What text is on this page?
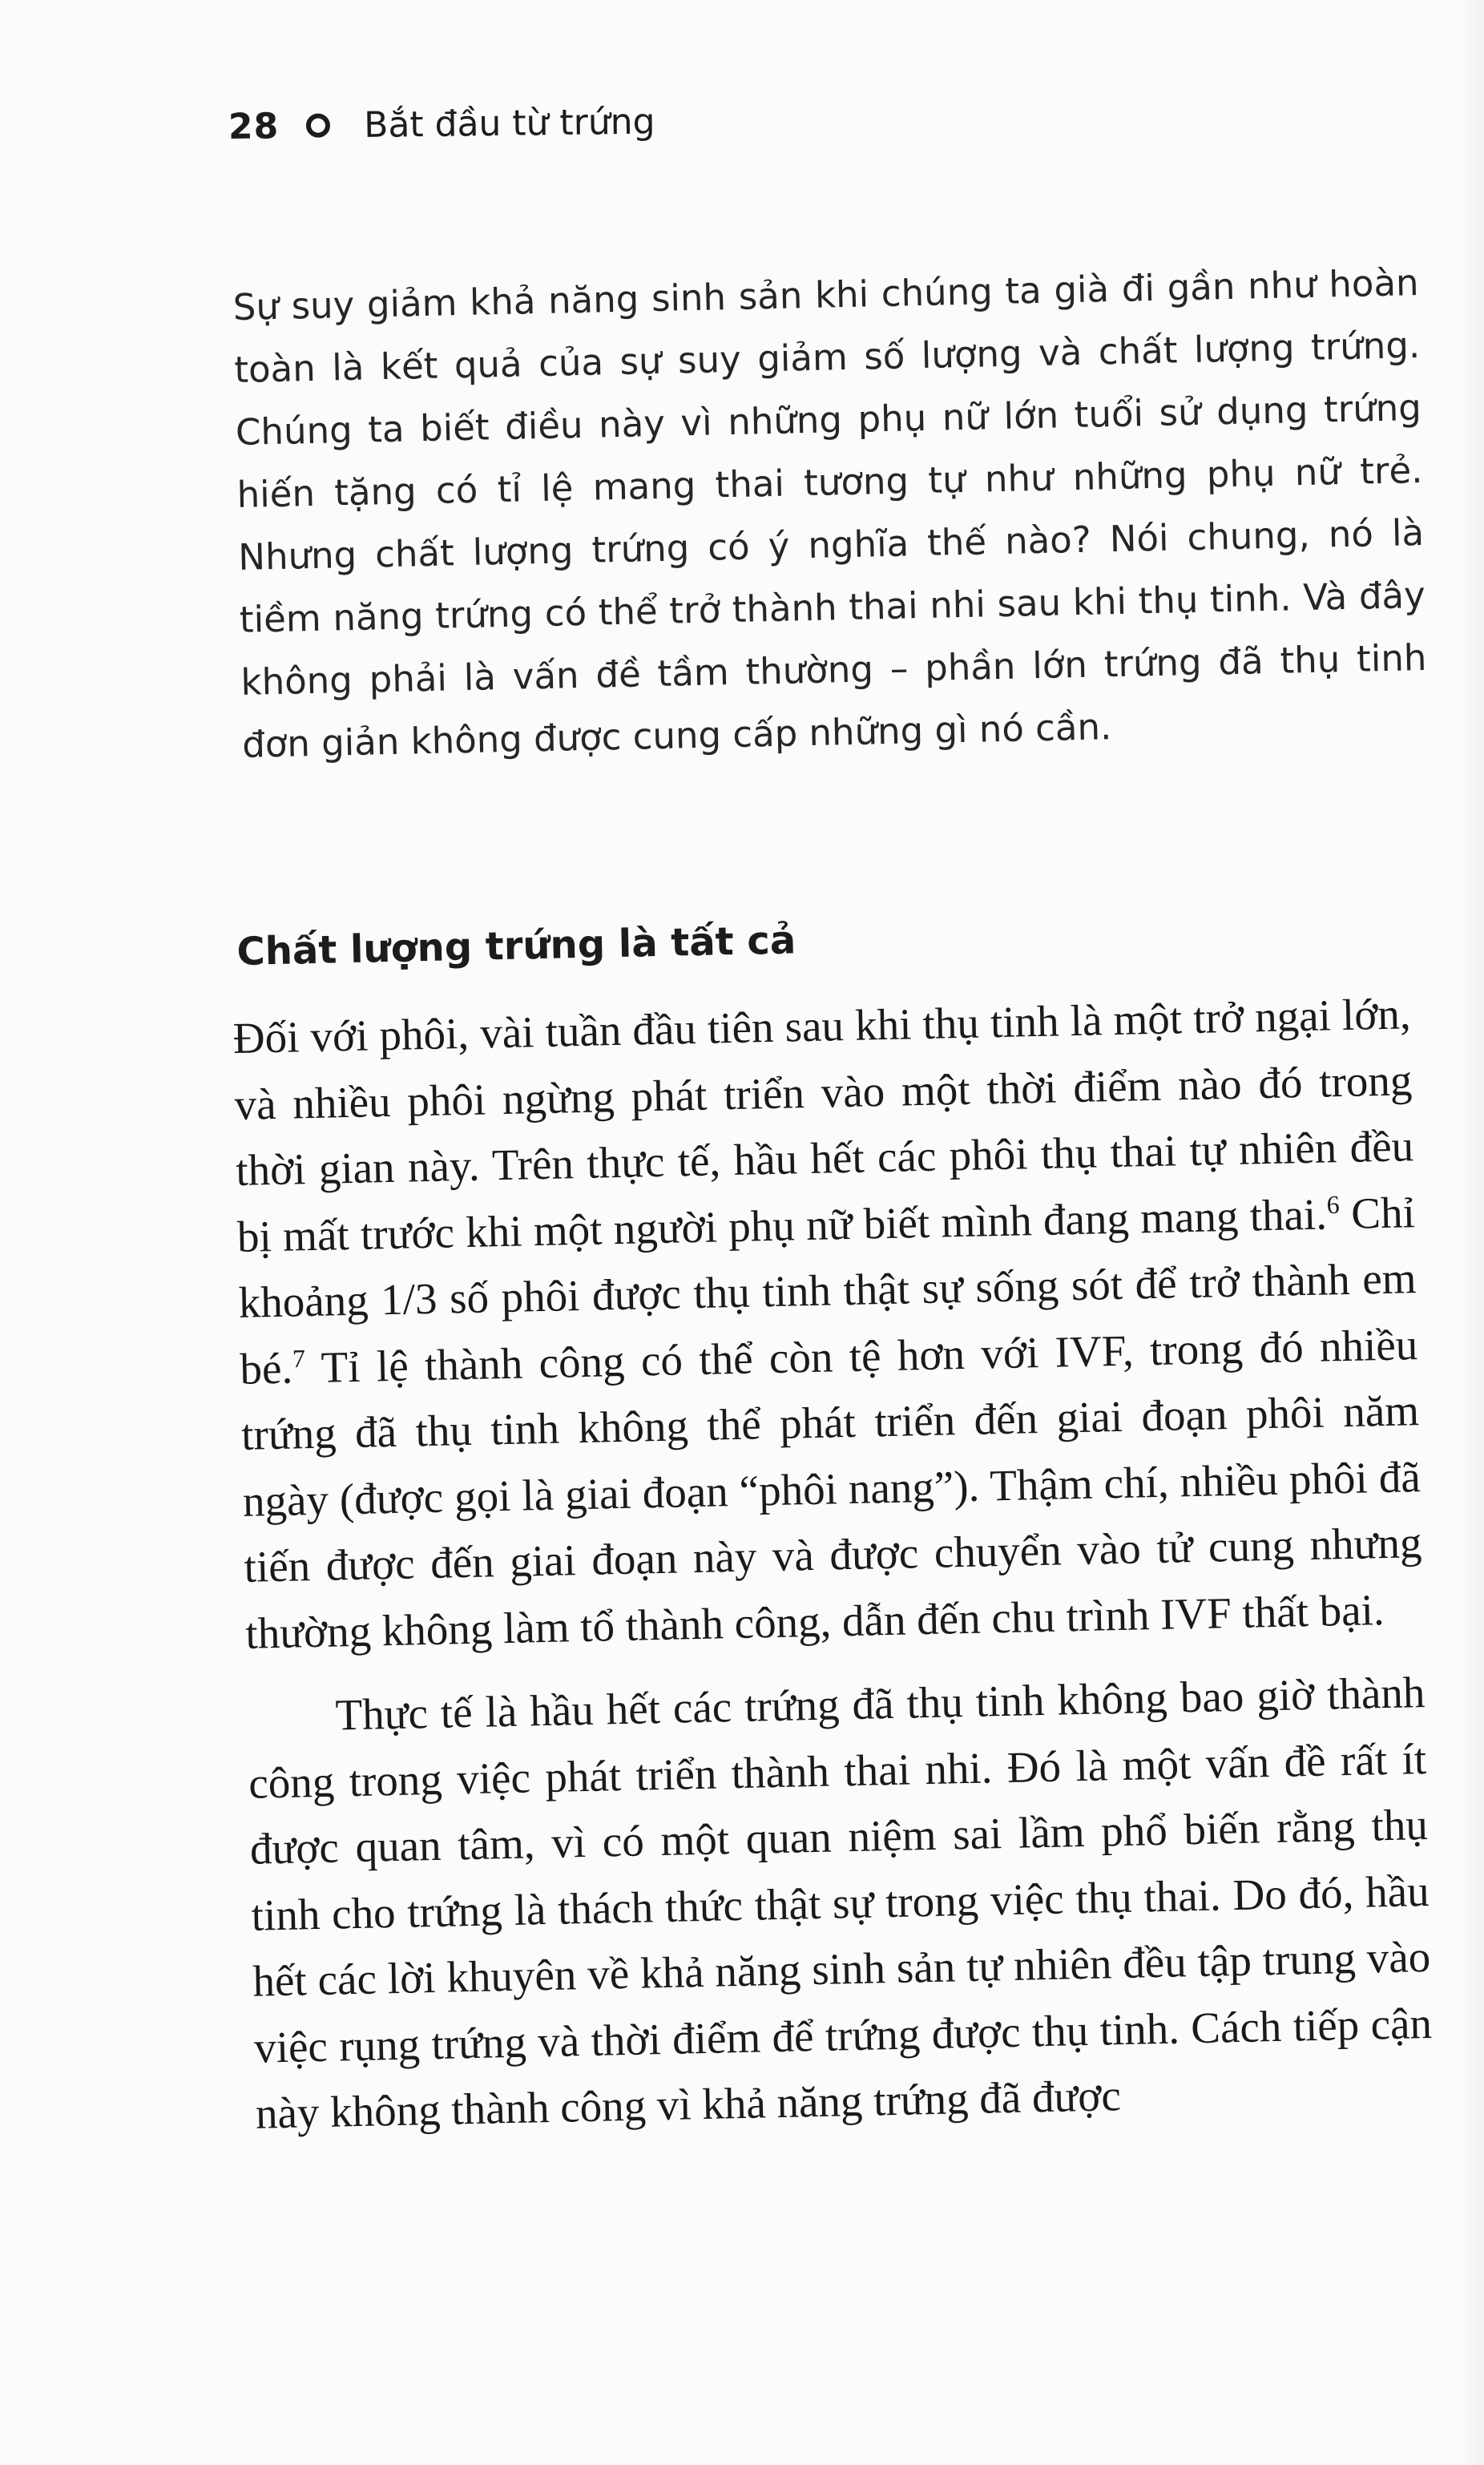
28 Bắt đầu từ trứng

Sự suy giảm khả năng sinh sản khi chúng ta già đi gần như hoàn toàn là kết quả của sự suy giảm số lượng và chất lượng trứng. Chúng ta biết điều này vì những phụ nữ lớn tuổi sử dụng trứng hiến tặng có tỉ lệ mang thai tương tự như những phụ nữ trẻ. Nhưng chất lượng trứng có ý nghĩa thế nào? Nói chung, nó là tiềm năng trứng có thể trở thành thai nhi sau khi thụ tinh. Và đây không phải là vấn đề tầm thường – phần lớn trứng đã thụ tinh đơn giản không được cung cấp những gì nó cần.

Chất lượng trứng là tất cả

Đối với phôi, vài tuần đầu tiên sau khi thụ tinh là một trở ngại lớn, và nhiều phôi ngừng phát triển vào một thời điểm nào đó trong thời gian này. Trên thực tế, hầu hết các phôi thụ thai tự nhiên đều bị mất trước khi một người phụ nữ biết mình đang mang thai.$^6$ Chỉ khoảng 1/3 số phôi được thụ tinh thật sự sống sót để trở thành em bé.$^7$ Tỉ lệ thành công có thể còn tệ hơn với IVF, trong đó nhiều trứng đã thụ tinh không thể phát triển đến giai đoạn phôi năm ngày (được gọi là giai đoạn “phôi nang”). Thậm chí, nhiều phôi đã tiến được đến giai đoạn này và được chuyển vào tử cung nhưng thường không làm tổ thành công, dẫn đến chu trình IVF thất bại.

Thực tế là hầu hết các trứng đã thụ tinh không bao giờ thành công trong việc phát triển thành thai nhi. Đó là một vấn đề rất ít được quan tâm, vì có một quan niệm sai lầm phổ biến rằng thụ tinh cho trứng là thách thức thật sự trong việc thụ thai. Do đó, hầu hết các lời khuyên về khả năng sinh sản tự nhiên đều tập trung vào việc rụng trứng và thời điểm để trứng được thụ tinh. Cách tiếp cận này không thành công vì khả năng trứng đã được
